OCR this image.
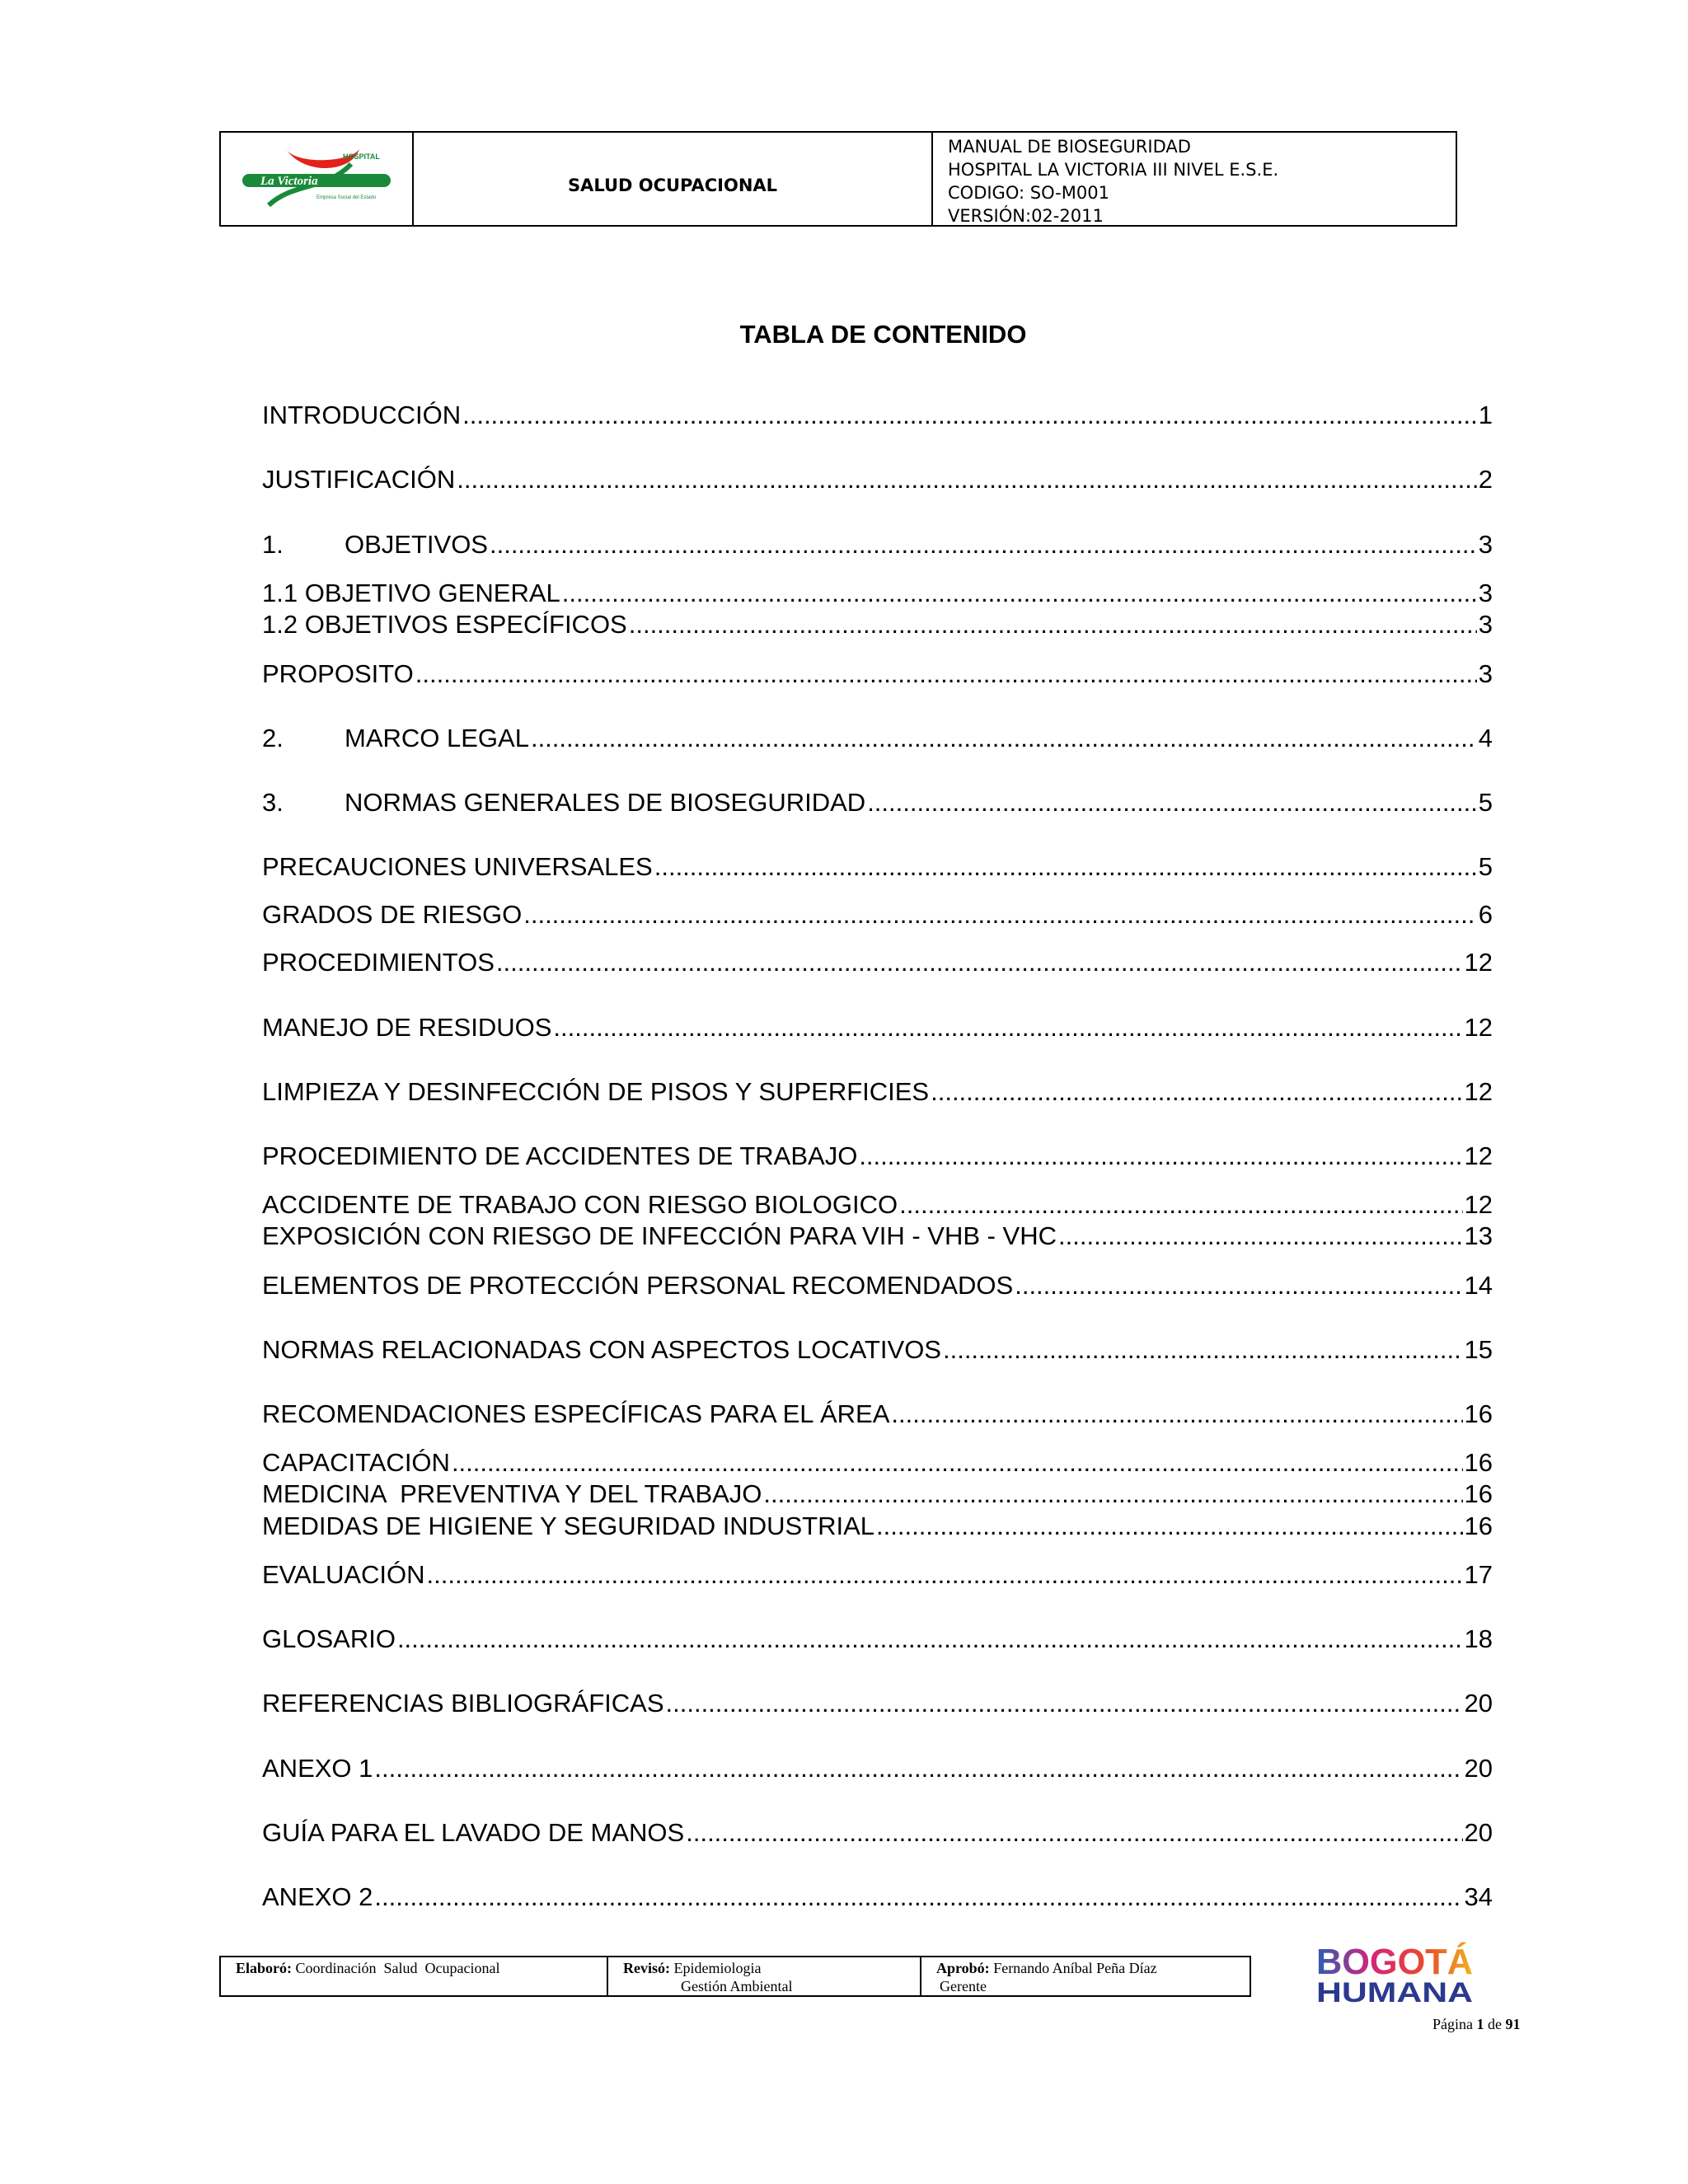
HOSPITAL
La Victoria
Empresa Social del Estado
SALUD OCUPACIONAL
MANUAL DE BIOSEGURIDAD
HOSPITAL LA VICTORIA III NIVEL E.S.E.
CODIGO: SO-M001
VERSIÓN:02-2011
TABLA DE CONTENIDO
INTRODUCCIÓN .....	1
JUSTIFICACIÓN .....	2
1. OBJETIVOS .....	3
1.1 OBJETIVO GENERAL .....	3
1.2 OBJETIVOS ESPECÍFICOS .....	3
PROPOSITO .....	3
2. MARCO LEGAL .....	4
3. NORMAS GENERALES DE BIOSEGURIDAD .....	5
PRECAUCIONES UNIVERSALES .....	5
GRADOS DE RIESGO .....	6
PROCEDIMIENTOS .....	12
MANEJO DE RESIDUOS .....	12
LIMPIEZA Y DESINFECCIÓN DE PISOS Y SUPERFICIES .....	12
PROCEDIMIENTO DE ACCIDENTES DE TRABAJO .....	12
ACCIDENTE DE TRABAJO CON RIESGO BIOLOGICO .....	12
EXPOSICIÓN CON RIESGO DE INFECCIÓN PARA VIH - VHB - VHC .....	13
ELEMENTOS DE PROTECCIÓN PERSONAL RECOMENDADOS .....	14
NORMAS RELACIONADAS CON ASPECTOS LOCATIVOS .....	15
RECOMENDACIONES ESPECÍFICAS PARA EL ÁREA .....	16
CAPACITACIÓN .....	16
MEDICINA  PREVENTIVA Y DEL TRABAJO .....	16
MEDIDAS DE HIGIENE Y SEGURIDAD INDUSTRIAL .....	16
EVALUACIÓN .....	17
GLOSARIO .....	18
REFERENCIAS BIBLIOGRÁFICAS .....	20
ANEXO 1 .....	20
GUÍA PARA EL LAVADO DE MANOS .....	20
ANEXO 2 .....	34
Elaboró: Coordinación  Salud  Ocupacional	Revisó: Epidemiologia
Gestión Ambiental
Aprobó: Fernando Aníbal Peña Díaz
Gerente
BOGOTÁ
HUMANA
Página 1 de 91
